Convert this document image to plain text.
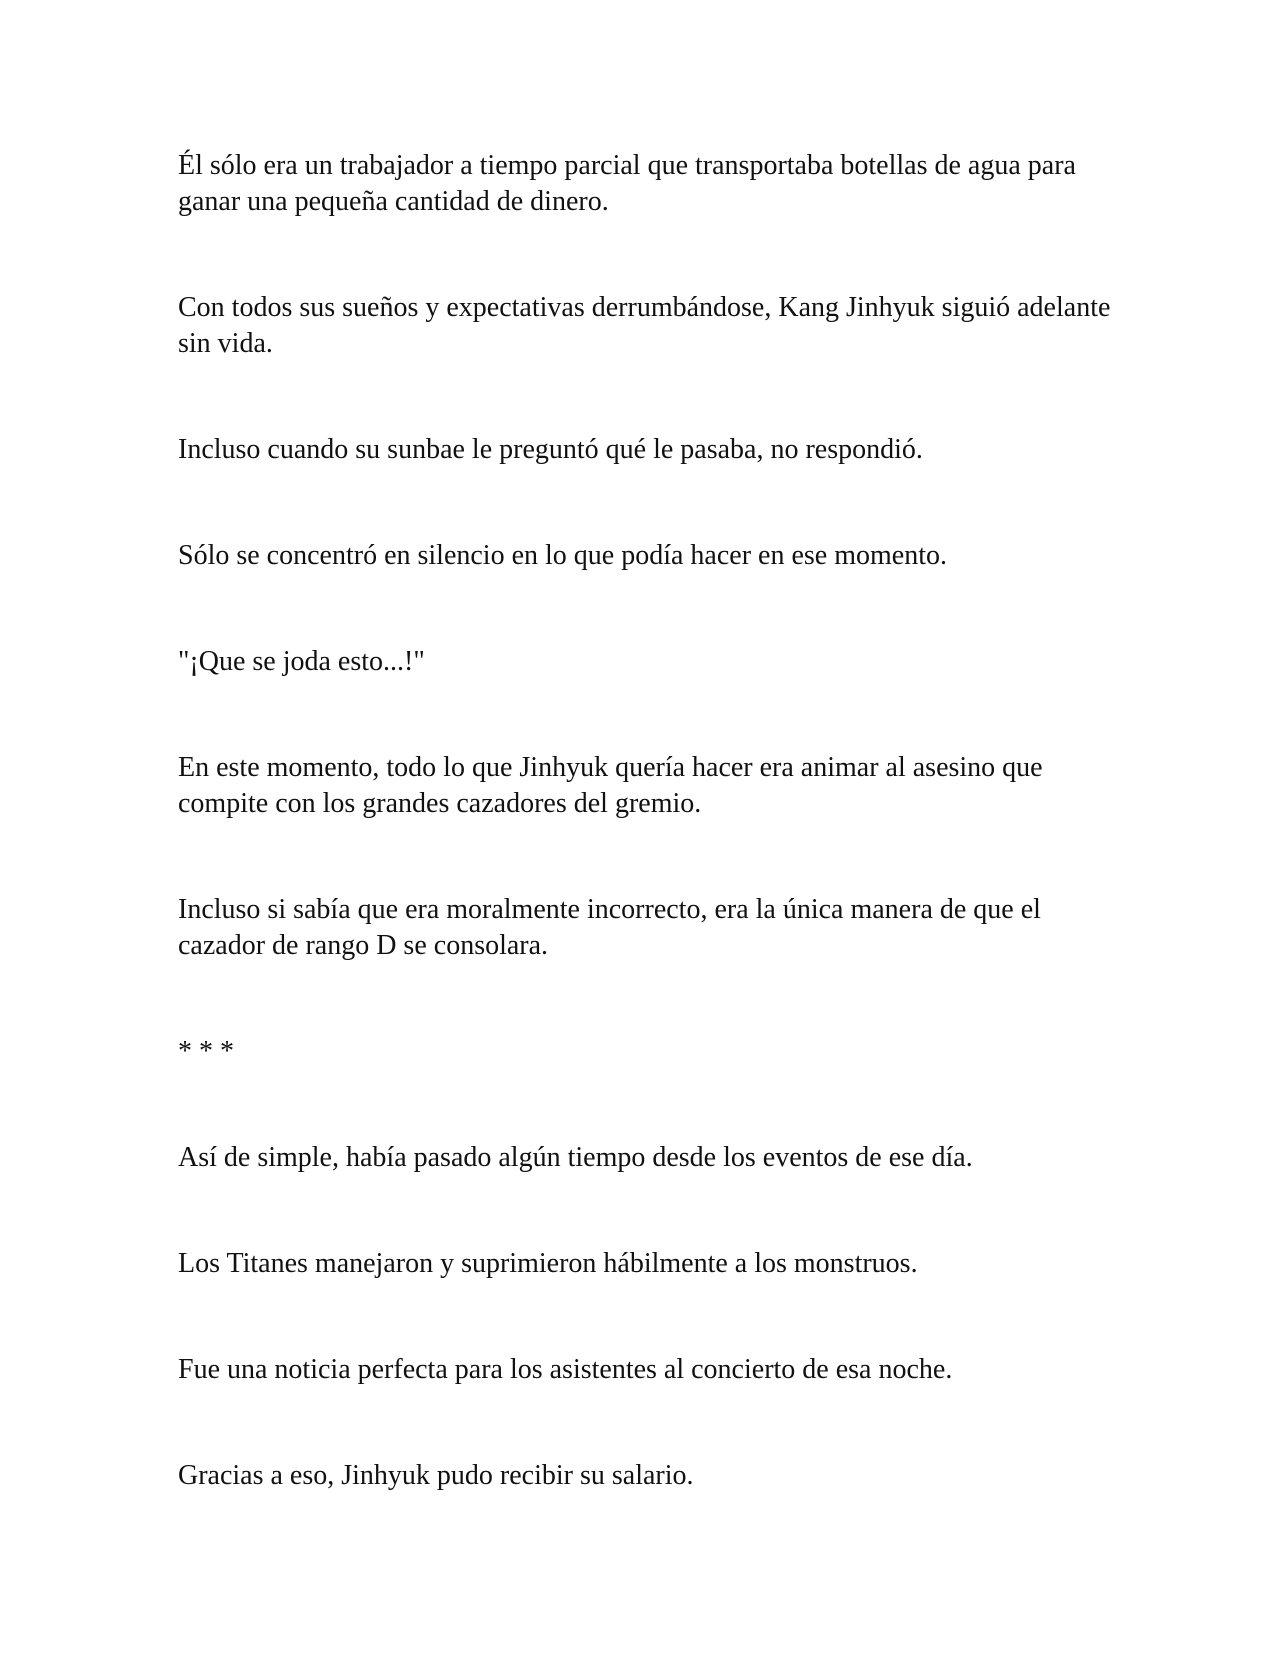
Él sólo era un trabajador a tiempo parcial que transportaba botellas de agua para ganar una pequeña cantidad de dinero.

Con todos sus sueños y expectativas derrumbándose, Kang Jinhyuk siguió adelante sin vida.

Incluso cuando su sunbae le preguntó qué le pasaba, no respondió.

Sólo se concentró en silencio en lo que podía hacer en ese momento.

"¡Que se joda esto...!"

En este momento, todo lo que Jinhyuk quería hacer era animar al asesino que compite con los grandes cazadores del gremio.

Incluso si sabía que era moralmente incorrecto, era la única manera de que el cazador de rango D se consolara.

* * *

Así de simple, había pasado algún tiempo desde los eventos de ese día.

Los Titanes manejaron y suprimieron hábilmente a los monstruos.

Fue una noticia perfecta para los asistentes al concierto de esa noche.

Gracias a eso, Jinhyuk pudo recibir su salario.
